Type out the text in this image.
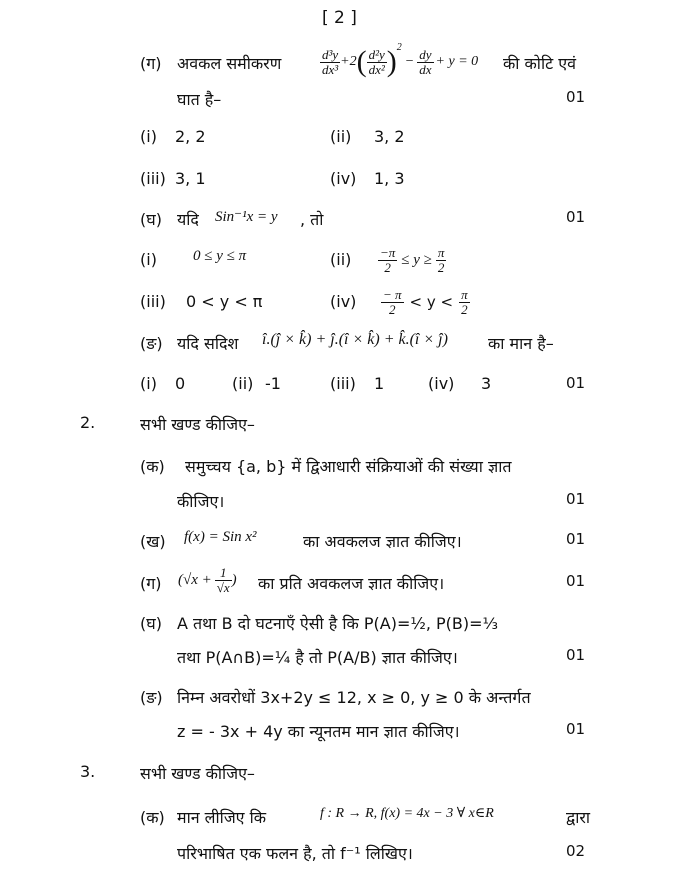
[ 2 ]
(ग) अवकल समीकरण	$\frac{\text{d³y}}{\text{dx³}} +2$ ( $\frac{\text{d²y}}{\text{dx²}} )^2$
− $\frac{dy}{dx} + y = 0$ की कोटि एवं
घात है–	01
(i) 2, 2	(ii) 3, 2
(iii) 3, 1	(iv) 1, 3
(घ) यदि Sin⁻¹x = y , तो	01
(i) 0 ≤ y ≤ π	$(ii) \frac{-\pi}{2} \le y \ge \frac{\pi}{2}$
(iii) 0 < y < π	$(iv) \frac{- \pi}{2} < y < \frac{\pi}{2}$
(ङ) यदि सदिश î.(ĵ × k̂) + ĵ.(î × k̂) + k̂.(î × ĵ)	का मान है–
(i) 0	(ii) -1	(iii) 1	(iv) 3	01
2.	सभी खण्ड कीजिए–
(क) समुच्चय {a, b} में द्विआधारी संक्रियाओं की संख्या ज्ञात
कीजिए।	01
(ख) f(x) = Sin x²	का अवकलज ज्ञात कीजिए।	01
(ग) ($√x + \frac{1}{√x}$ ) का प्रति अवकलज ज्ञात कीजिए।	01
(घ) A तथा B दो घटनाएँ ऐसी है कि P(A)=½, P(B)=⅓
तथा P(A∩B)=¼ है तो P(A/B) ज्ञात कीजिए।	01
(ङ) निम्न अवरोधों 3x+2y ≤ 12, x ≥ 0, y ≥ 0 के अन्तर्गत
z = - 3x + 4y का न्यूनतम मान ज्ञात कीजिए।	01
3.	सभी खण्ड कीजिए–
(क) मान लीजिए कि	f : R → R, f(x) = 4x − 3 ∀ x∈R	द्वारा
परिभाषित एक फलन है, तो f⁻¹ लिखिए।	02
